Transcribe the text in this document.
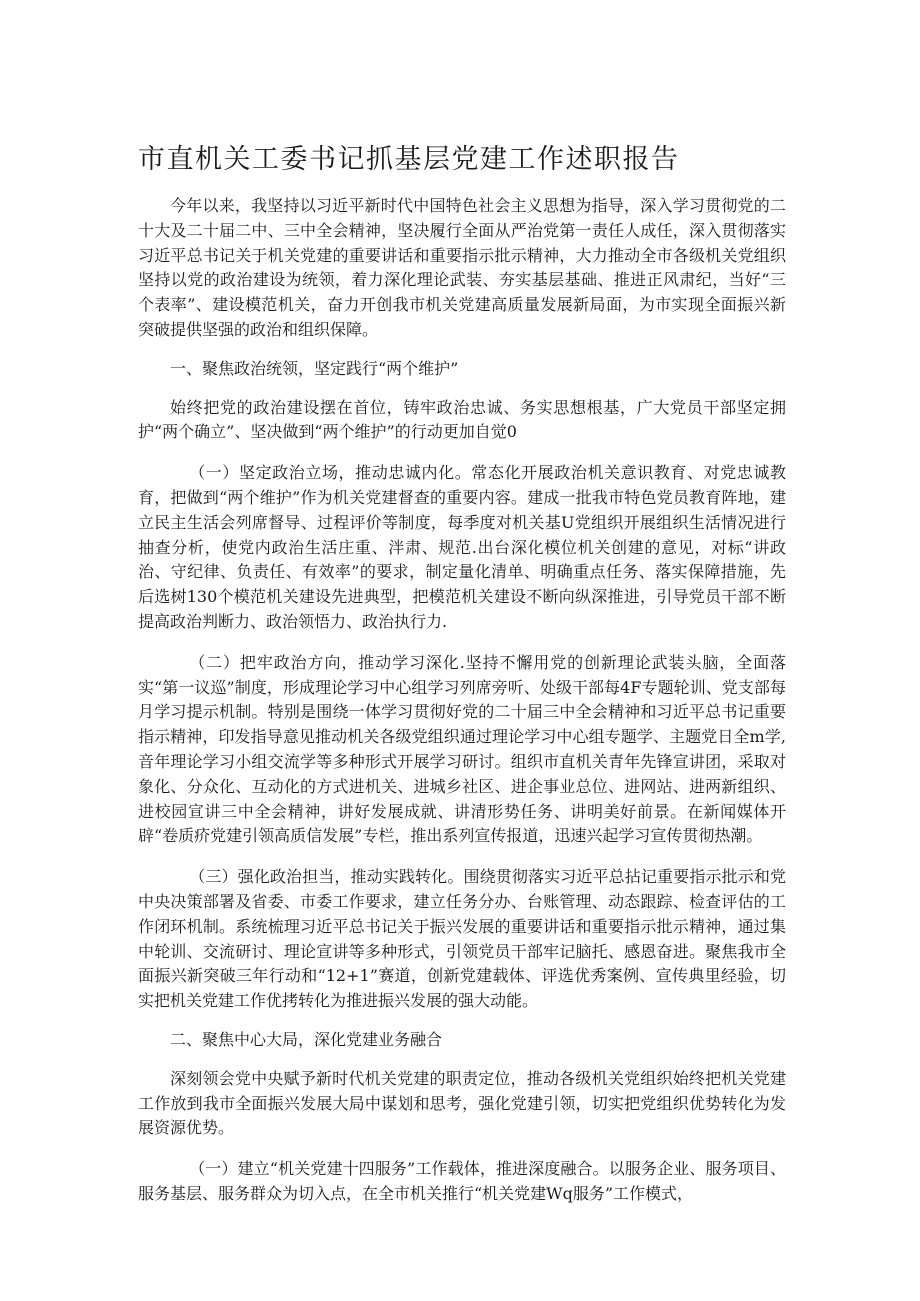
市直机关工委书记抓基层党建工作述职报告

今年以来，我坚持以习近平新时代中国特色社会主义思想为指导，深入学习贯彻党的二十大及二十届二中、三中全会精神，坚决履行全面从严治党第一责任人成任，深入贯彻落实习近平总书记关于机关党建的重要讲话和重要指示批示精神，大力推动全市各级机关党组织坚持以党的政治建设为统领，着力深化理论武装、夯实基层基础、推进正风肃纪，当好“三个表率”、建设模范机关，奋力开创我市机关党建高质量发展新局面，为市实现全面振兴新突破提供坚强的政治和组织保障。

一、聚焦政治统领，坚定践行“两个维护”

始终把党的政治建设摆在首位，铸牢政治忠诚、务实思想根基，广大党员干部坚定拥护“两个确立”、坚决做到“两个维护”的行动更加自觉0

（一）坚定政治立场，推动忠诚内化。常态化开展政治机关意识教育、对党忠诚教育，把做到“两个维护”作为机关党建督查的重要内容。建成一批我市特色党员教育阵地，建立民主生活会列席督导、过程评价等制度，每季度对机关基U党组织开展组织生活情况进行抽查分析，使党内政治生活庄重、泮肃、规范.出台深化模位机关创建的意见，对标“讲政治、守纪律、负责任、有效率”的要求，制定量化清单、明确重点任务、落实保障措施，先后选树130个模范机关建设先进典型，把模范机关建设不断向纵深推进，引导党员干部不断提高政治判断力、政治领悟力、政治执行力.

（二）把牢政治方向，推动学习深化.坚持不懈用党的创新理论武装头脑，全面落实“第一议巡”制度，形成理论学习中心组学习列席旁听、处级干部每4F专题轮训、党支部每月学习提示机制。特别是围绕一体学习贯彻好党的二十届三中全会精神和习近平总书记重要指示精神，印发指导意见推动机关各级党组织通过理论学习中心组专题学、主题党日全m学,音年理论学习小组交流学等多种形式开展学习研讨。组织市直机关青年先锋宣讲团，采取对象化、分众化、互动化的方式进机关、进城乡社区、进企事业总位、进网站、进两新组织、进校园宣讲三中全会精神，讲好发展成就、讲清形势任务、讲明美好前景。在新闻媒体开辟“卷质疥党建引领高质信发展”专栏，推出系列宣传报道，迅速兴起学习宣传贯彻热潮。

（三）强化政治担当，推动实践转化。围绕贯彻落实习近平总拈记重要指示批示和党中央决策部署及省委、市委工作要求，建立任务分办、台账管理、动态跟踪、检查评估的工作闭环机制。系统梳理习近平总书记关于振兴发展的重要讲话和重要指示批示精神，通过集中轮训、交流研讨、理论宣讲等多种形式，引领党员干部牢记脑托、感恩奋进。聚焦我市全面振兴新突破三年行动和“12+1”赛道，创新党建载体、评选优秀案例、宣传典里经验，切实把机关党建工作优拷转化为推进振兴发展的强大动能。

二、聚焦中心大局，深化党建业务融合

深刻领会党中央赋予新时代机关党建的职责定位，推动各级机关党组织始终把机关党建工作放到我市全面振兴发展大局中谋划和思考，强化党建引领，切实把党组织优势转化为发展资源优势。

（一）建立“机关党建十四服务”工作载体，推进深度融合。以服务企业、服务项目、服务基层、服务群众为切入点，在全市机关推行“机关党建Wq服务”工作模式，
